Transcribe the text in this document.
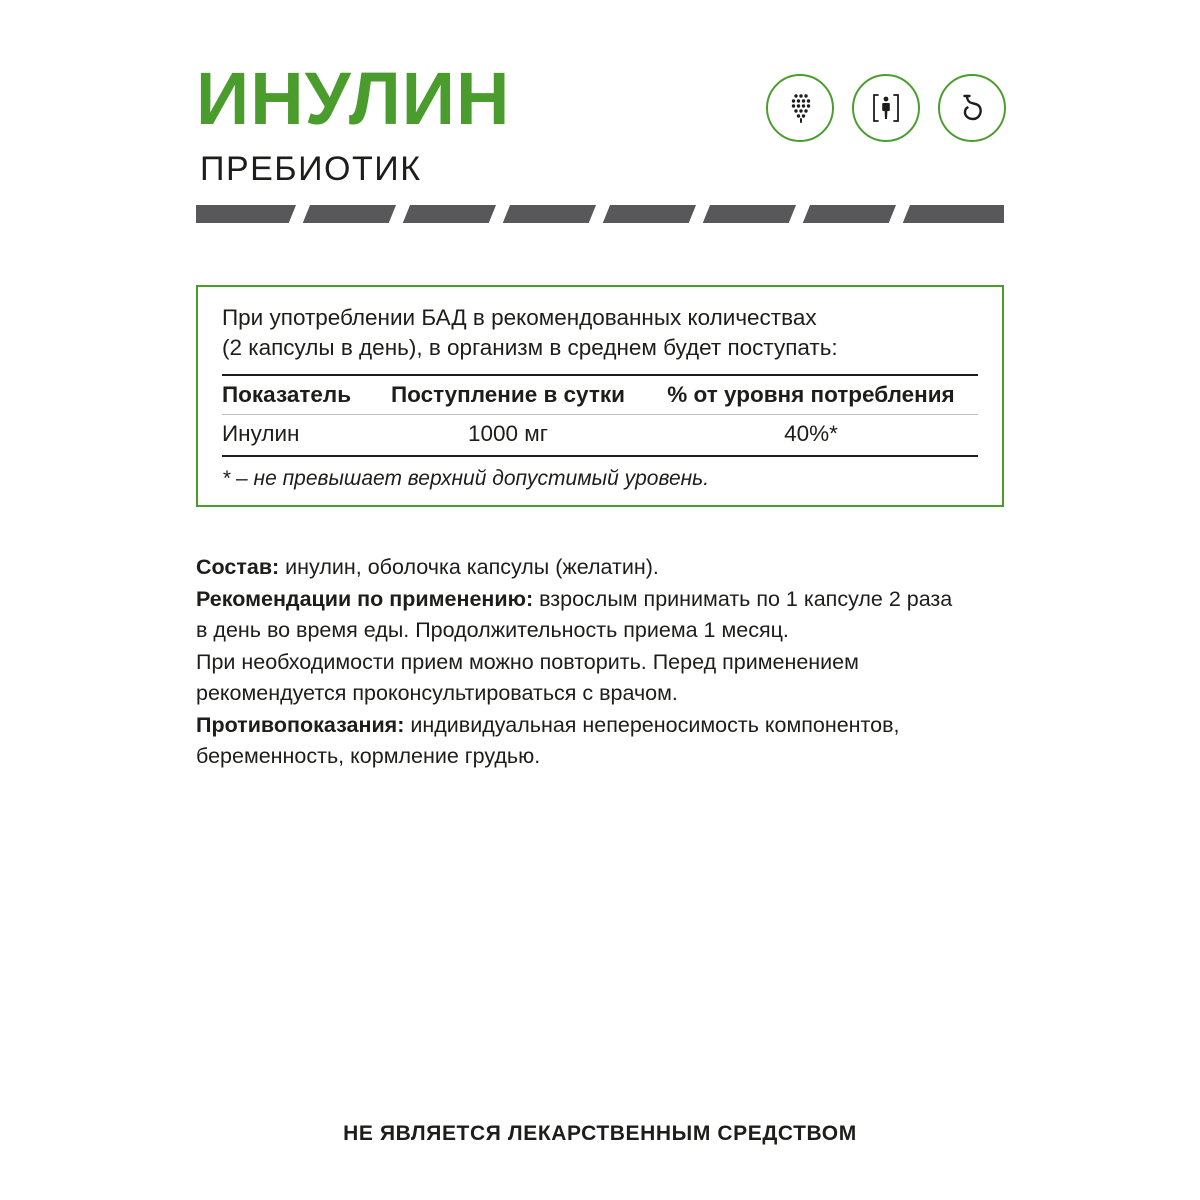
ИНУЛИН
ПРЕБИОТИК

При употреблении БАД в рекомендованных количествах
(2 капсулы в день), в организм в среднем будет поступать:

Показатель	Поступление в сутки	% от уровня потребления
Инулин	1000 мг	40%*

* – не превышает верхний допустимый уровень.

Состав: инулин, оболочка капсулы (желатин).

Рекомендации по применению: взрослым принимать по 1 капсуле 2 раза

в день во время еды. Продолжительность приема 1 месяц.

При необходимости прием можно повторить. Перед применением

рекомендуется проконсультироваться с врачом.

Противопоказания: индивидуальная непереносимость компонентов,

беременность, кормление грудью.

НЕ ЯВЛЯЕТСЯ ЛЕКАРСТВЕННЫМ СРЕДСТВОМ
